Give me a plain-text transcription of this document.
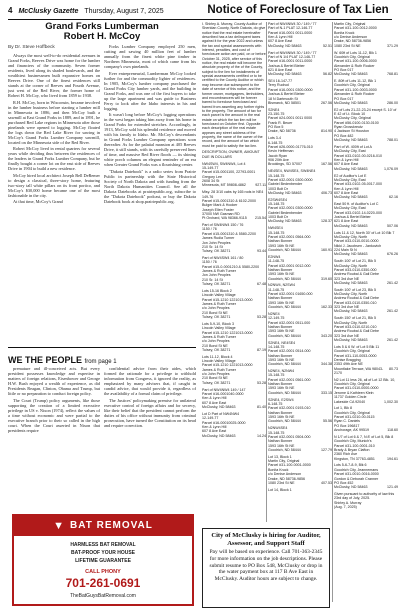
4 McClusky Gazette Thursday, August 7, 2025
Grand Forks Lumberman
Robert H. McCoy
By Dr. Steve Hoffbeck

Always the most well-to-do residential avenues in Grand Forks, Reeves Drive was home for the lumber and financiers of the community. Seven former residents, lived along its shaded boulevards, and the wealthiest businessmen built expansive homes on Reeves Drive. One of the finest residences still stands at the corner of Reeves and Fourth Avenue, just west of the Red River, the former home of Robert H. McCoy, who lived from 1859 to 1938.

R.H. McCoy, born in Wisconsin, became involved in the lumber business before starting a lumber mill in Minnesota in 1886, and then McCoy built a sawmill at East Grand Forks in 1889, and in 1891, he purchased Red Lake regions in Minnesota after those pinelands were opened to logging. McCoy floated the logs down the Red Lake River for sawing in McCoy's Grand Forks Lumber Company sawmill, located on the Minnesota side of the Red River.

Robert McCoy lived in rental quarters for several years while deciding thus between the residences of the leaders in Grand Forks Lumber Company, but he finally bought a corner lot on the east side of Reeves Drive in 1904 to build a new residence.

McCoy hired local architect Joseph Bell DeRemer to design a classical, three-story home, featuring two-story tall white pillars on its front portico, and McCoy's $30,000 home became one of the most fashionable in the city.

At that time, McCoy's Grand

Forks Lumber Company employed 250 men, cutting and sawing 40 million feet of lumber annually from the finest white pine timber in Northern Minnesota, most of which came from his company's own pinelands.

Ever entrepreneurial, Lumberman McCoy looked further for and the commodity lighter of residences. In 1905, McCoy's lumber company purchased the Grand Forks City lumber yards, and the building in Grand Forks, and was one of the first buyers to take up the large apartment and was guide to Business Ferry to look after the Idaho interests in his and logging.

It wasn't long before McCoy's logging operations in the west began taking him away from his home in Grand Forks for extended stretches. Accordingly, in 1913, McCoy sold his splendid residence and moved with his family to Idaho. Mr. McCoy's descendants in Grand Forks Lumber Company operations soon thereafter. As for the palatial mansion at 405 Reeves Drive, it still stands, with its carefully preserved lines of time, and massive Red River floods — its shining white porch columns an elegant reminder of an era when Greater Grand Forks was a flourishing center.

"Dakota Datebook" is a radio series from Prairie Public in partnership with the State Historical Society of North Dakota and with funding from the North Dakota Humanities Council. See all the Dakota Datebooks at prairiepublic.org, subscribe to the "Dakota Datebook" podcast, or buy the Dakota Datebook book at shop.prairiepublic.org.

WE THE PEOPLE from page 1

premature and ill-conceived acts. But every president possesses knowledge and expertise in matters of foreign relations, Eisenhower and George H.W. Bush enjoyed a wealth of experience, as did Presidents Reagan, Clinton, Obama and Trump, but little or no preparation to conduct foreign policy.

The Court (Trump) policy arguments, like those supporting the creation of a limited executive privilege in US v. Nixon (1974), reflect the values of a time without economic and were partial to the executive branch prior to their so called in the high court. When the Court asserted in Nixon that presidents require

confidential advice from their aides, which formed the rationale for a privilege to withhold information from Congress, it ignored the reality, as emphasized by many advisers that, if caught in candid advice, that would provide it, regardless of the availability of a formal claim of privilege.

The Justices' policymaking premise for unilateral executive control of foreign affairs and for secrecy, like their belief that the president cannot perform the duties of his office without immunity from criminal prosecution, have turned the Constitution on its head and require correction.

▼ BAT REMOVAL
HARMLESS BAT REMOVAL
BAT-PROOF YOUR HOUSE
LIFETIME GUARANTEE
CALL PHONY
701-261-0691
TheBatGuysBatRemoval.com
Notice of Foreclosure of Tax Lien
I. Shirley A. Murray, County Auditor of Sheridan County, North Dakota, do give notice that the real estate hereinafter described has a tax delinquent taxes against it for the year 2022 and unless the tax and special assessments with interest, penalties, and cost of foreclosure action are paid, on or before October 31, 2025, after service of this notice, the real estate will become the absolute property of the of the County, subject to the lien for installments of special assessments certified or to be certified to the County Auditor or which may become due subsequent to the date of service of this notice, and the former owner, mortgagees, lienholders, and encumbrancers will be forever barred to foreclose foreclosed and barred from asserting any further rights to the property. The amount of tax for each parcel is the amount in the real estate on which the tax lien will be foreclosed on October first. Opposite each description of the real estate appears any street address of the property, the name of the owner of the record, and the amount of tax which must be paid to satisfy the tax lien.
DESCRIPTION, OWNER, AMOUNT DUE IN DOLLARS
NW4SW4, SW4NW4, Lot 4
15-149-77
Parcel #15-0001100, 22793-0001
Gregory Lee
2608 34 St
Minnesota, MT 59808-4862	927.11
Mlsy. 28 3/10 cabs by 165 rods in NE4
149-76
Parcel #15-0001310 & 6102-2000
Bulger Mark & Hooker
Joseph Ellen Foster
37000 NW Gasman RD
Pt Orchard, WA 98366-9115 215.54
Part of SW4NW4 150 / 76
1150 / 76
Parcel #15-0001310 & 5580-2200
James Rudia Turner
Jon John Peoples
210 Sr. 14 St
Tulsey, OK 38271	93.44
Part of NW4SW4 161 / 80
1150 / 76
Parcel #15-0-0001210 & 5580-2200
James & Ruth Turner
Jon John Peoples
210 Sr. 14 St
Tulsey, OK 38271	67.48
Lots 15-16 Block 2
Lincoln Valley Village
Parcel #15-1210 1221013-0000
James & Ruth Turner
c/o John Peoples
210 Bond St NE
Tulsey, OK 38271	53.28
Lots 5-9-10, Block 3
Lincoln Valley Village
Parcel #15-1210 1221013-0000
James & Ruth Turner
c/o John Peoples
210 Bond St NE
Tulsey, OK 38271	87.19
Lots 11-12, Block 4
Lincoln Valley Village
Parcel #15-1210 1221013-0000
James & Ruth Turner
c/o John Peoples
210 Bond St NE
Tulsey, OK 38271	53.28
Part of NW4NW4 149 / 147
Parcel #16-0001040-0000
Ken & Lynn Hill
607 8 Ave East
McClusky, ND 58463	81.40
Lot D Part of NW4NW4
12-149-77
Parcel #16-00010025-0000
Ken & Lynn Hill
607 8 Ave East
McClusky, ND 58463	14.24
Part of NW4NW4 30 / 149 / 77
Part of N-1 PLAT 12-146-77
Parcel #16-0001 0011-0000
Ken & Lynn Hill
607 8 Ave East
McClusky, ND 58463	52.51
Part of NW4NW4 30 / 149 / 77
Part of N 1/4 PLAT 12-146-77
Parcel #16-0001 0011-0000
Joshua & Bertel Bieber
621 8 Ave East
McClusky, ND 58463	56.82
SE4 16-147-77
Terry Rudrud
Parcel #16-0001 0300-0000
Joshua & Bertel Bieber
18 N Dartmouth St
Bismarck, ND 58501	267.56
S2NE4
23-150-75
Parcel #24-0001 0011 0000
Frank R. Beuer
PO Box 5
Drake, ND 58736	814.90
Lots 3-4
6-148-75
Parcel #26-0000-01776-010
Kevin Heffeman
Jacob Ryan
906 20th Ave
Brookings, SD 57007	167.56
NE4SE4, NW4SE4, SW4NE4
15-148-75
Parcel #32-0001 0300-0000
Gabriel Bedenbender
1003 Bolt Dr
McClusky, ND 58463	406.73
E2SW4SE4
15-148-75
Parcel #32-0001 0300-0000
Gabriel Bedenbender
1003 Bolt Dr
McClusky, ND 58463	128.37
NW4SE4
15-148-75
Parcel #32-0001 0564-000
Nathan Bonner
1593 16th St NE
Goodrich, ND 58444	160.91
E2NW4
11-148-75
Parcel #32-0001 0012-000
Nathan Bonner
1593 16th St NE
Goodrich, ND 58444	319.60
N2NW4, N2SW4
11-148-75
Parcel #32-0001 01650-000
Nathan Bonner
1593 16th St NE
Goodrich, ND 58444	162.33
N2NE4
12-149-75
Parcel #32-0001 0511-000
Nathan Bonner
1593 16th St NE
Goodrich, ND 58444	343.20
S2NE4, NE4SE4
14-148-75
Parcel #32-0001 0514-000
Nathan Bonner
1593 16th St NE
Goodrich, ND 58444	344.38
N2NE4, N2NW4
15-148-75
Parcel #32-0001 0561-000
Nathan Bonner
1593 16th St NE
Goodrich, ND 58444	333.15
S2NE4, E2SW4
6-148-75
Parcel #32-0001 0193-010
Nathan Bonner
1593 16th St NE
Goodrich, ND 58444	55.56
N2NW4SE4
15-148-75
Parcel #32-0001 0504-000
Nathan Bonner
1593 16th St NE
Goodrich, ND 58444	127.79
Lot 13, Block 1
Martin City, Original
Parcel #31-100-0001-0000
Bonita Kruck
c/o Denise Anderson
Drake, ND 58736-9856
1080 23rd St NE	407.53
Lot 14, Block 1
Martin City, Original
Parcel #31-100-0012-0000
Bonita Kruck
c/o Denise Anderson
Drake, ND 58736-9856
1080 23rd St NE	371.29
W. 60ft of Lots 11-12, Blk 1
Goodrich City, Original
Parcel #31-100-0006-0000
Alexander & Ruth Rocker
PO Box 017
McClusky, ND 58463	768.81
E. 80ft of Lots 11-12, Blk 1
Goodrich City, Original
Parcel #31-100-0003-0000
Alexander & Ruth Rocker
PO Box 017
McClusky, ND 58463	286.00
E2 of Lots 21-22-23-24 except S. 10' of E 42 of Lt. Block 10
McClusky City, Original
Parcel #56-0100-0130-0100
Ryan Grosskreutz
4 Jackson St Houston
PO Box 482
McClusky, ND 58463	788.01
Part of W. 400ft of Lot A
McClusky City, East
Parcel #33-0102-00-0216-010
Ken & Lynn Hill
607 8 Ave East
McClusky, ND 58463	1,076.09
E2 of Auditor's Lot E
McClusky City, East
Parcel #33-0102-05-0017-000
Ken & Lynn Hill
607 8 Ave East
McClusky, ND 58463	62.16
East 50 ft. of Auditor's Lot C
McClusky City, East
Parcel #33-0102-14-0220-000
Joshua & Bertel Bieber
621 8 Ave East
McClusky, ND 58463	507.06
Lots 11 & 12, North 30' of Lot 10 Blk 7
McClusky City, North
Parcel #33-0110-0010-0000
Nikki J. Jacobsen - Jankovich
224 Main St N
McClusky, ND 58463	676.26
South 100' of Lot 21, Blk 5
McClusky City, North
Parcel #33-0110-0350-000
Andrew Roubal & Gail Debe
323 3rd Ave NE
McClusky, ND 58463	261.42
South 100' of Lot 23, Blk 5
McClusky City, North
Andrew Roubal & Gail Debe
Parcel #33-0110-0350-010
323 3rd Ave NE
McClusky, ND 58463	261.42
South 150' of Lot 21, Blk 5
McClusky City, North
Parcel #33-0110-0210-010
Andrew Roubal & Gail Debe
323 3rd Ave NE
McClusky, ND 58463	261.42
Lots 5 & 6 W. of Lot 5 Blk 11
Goodrich City, Original
Parcel #31-110-0053-0000
Denise Bragging
2353 49th Ave NE
Mountlake Terrace, WA 98043-2170
80.73
N2 Lot 11 less 26, all of Lot 12 Blk. 10, Goodrich City, Original
Parcel #31-0110-0000-0000
Jerome & Kathleen Klein
11737 Golden Circle
Lakeside CA 92040	1,002.30
Lot 1, Blk 8
Goodrich City, Original
Parcel #31-0210-00-0115
Ryan C. Daniels
PO Box 196817
Anchorage, AK 99519	118.60
N 1/7 of Lot 6 & 7, N 8' of Lot 5, Blk 8
Goodrich City, Munich's
Parcel #31-100-0001-010
Brady & Bryan Clafton
2360 Rich Ave
Kingston, TN 37763-4851	194.61
Lots 5-6-7-8-9, Blk 6
Goodrich City, Jeannemans
Parcel #31-0010-0016-0000
Gordon & Deborah Cranner
PO Box 452
McClusky, ND 58463	121.49
Given pursuant to authority of law this 23rd day of July, 2025.
Shirley A. Murray
(Aug. 7, 2025)
City of McClusky is hiring for Auditor, Assessor, and Support Staff
Pay will be based on experience. Call 701-363-2345 for more information on the job descriptions. Please submit resume to PO Box 548, McClusky or drop in the water payment box at 117 B Ave East in McClusky. Auditor hours are subject to change.
